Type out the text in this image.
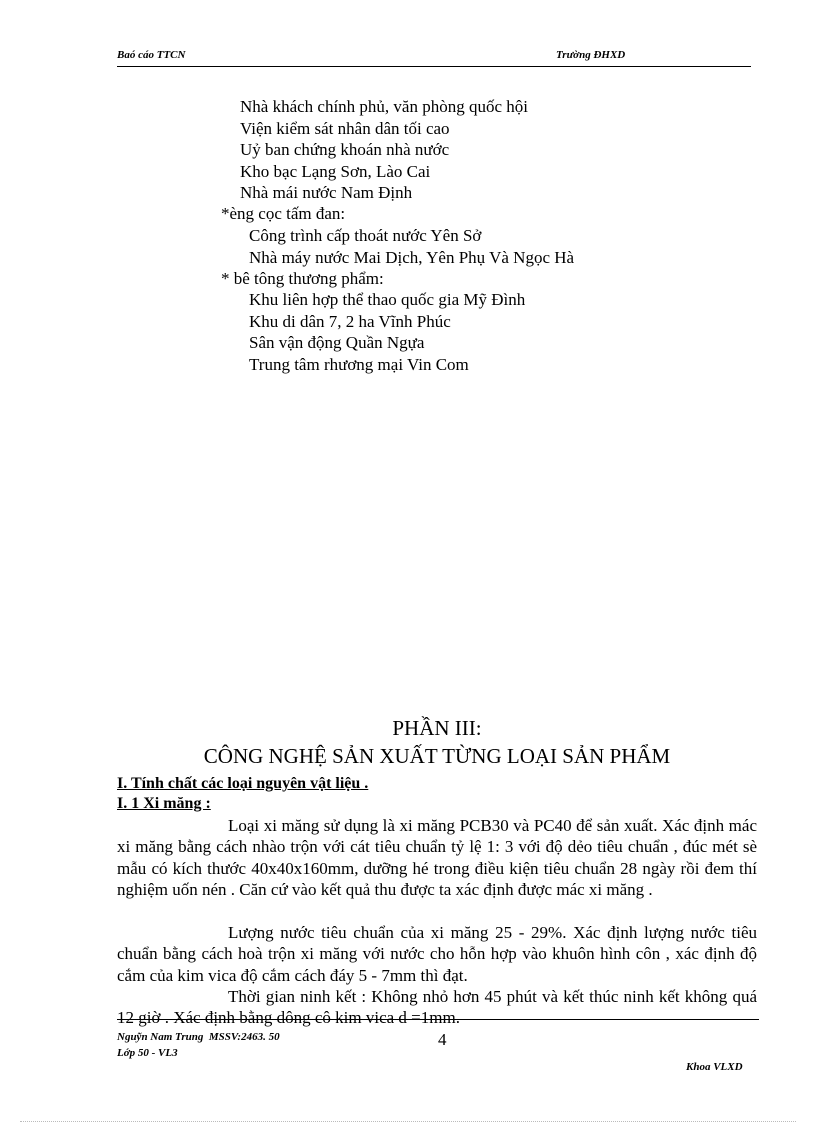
Baó cáo TTCN	Trường ĐHXD
Nhà khách chính phủ, văn phòng quốc hội
Viện kiểm sát nhân dân tối cao
Uỷ ban chứng khoán nhà nước
Kho bạc Lạng Sơn, Lào Cai
Nhà mái nước Nam Định
*èng cọc tấm đan:
Công trình cấp thoát nước Yên Sở
Nhà máy nước Mai Dịch, Yên Phụ Và Ngọc Hà
* bê tông thương phẩm:
Khu liên hợp thể thao quốc gia Mỹ Đình
Khu di dân 7, 2 ha Vĩnh Phúc
Sân vận động Quần Ngựa
Trung tâm rhương mại Vin Com
PHẦN III:
CÔNG NGHỆ SẢN XUẤT TỪNG LOẠI SẢN PHẨM
I. Tính chất các loại nguyên vật liệu .
I. 1 Xi măng :
Loại xi măng sử dụng là xi măng PCB30 và PC40 để sản xuất. Xác định mác xi măng bằng cách nhào trộn với cát tiêu chuẩn tỷ lệ 1: 3 với độ dẻo tiêu chuẩn , đúc mét sè mẫu có kích thước 40x40x160mm, dưỡng hé trong điều kiện tiêu chuẩn 28 ngày rồi đem thí nghiệm uốn nén . Căn cứ vào kết quả thu được ta xác định được mác xi măng .
Lượng nước tiêu chuẩn của xi măng 25 - 29%. Xác định lượng nước tiêu chuẩn bằng cách hoà trộn xi măng với nước cho hỗn hợp vào khuôn hình côn , xác định độ cắm của kim vica độ cắm cách đáy 5 - 7mm thì đạt.
Thời gian ninh kết : Không nhỏ hơn 45 phút và kết thúc ninh kết không quá 12 giờ . Xác định bằng dông cô kim vica d =1mm.
Nguỹn Nam Trung MSSV:2463. 50
Lớp 50 - VL3
4
Khoa VLXD
